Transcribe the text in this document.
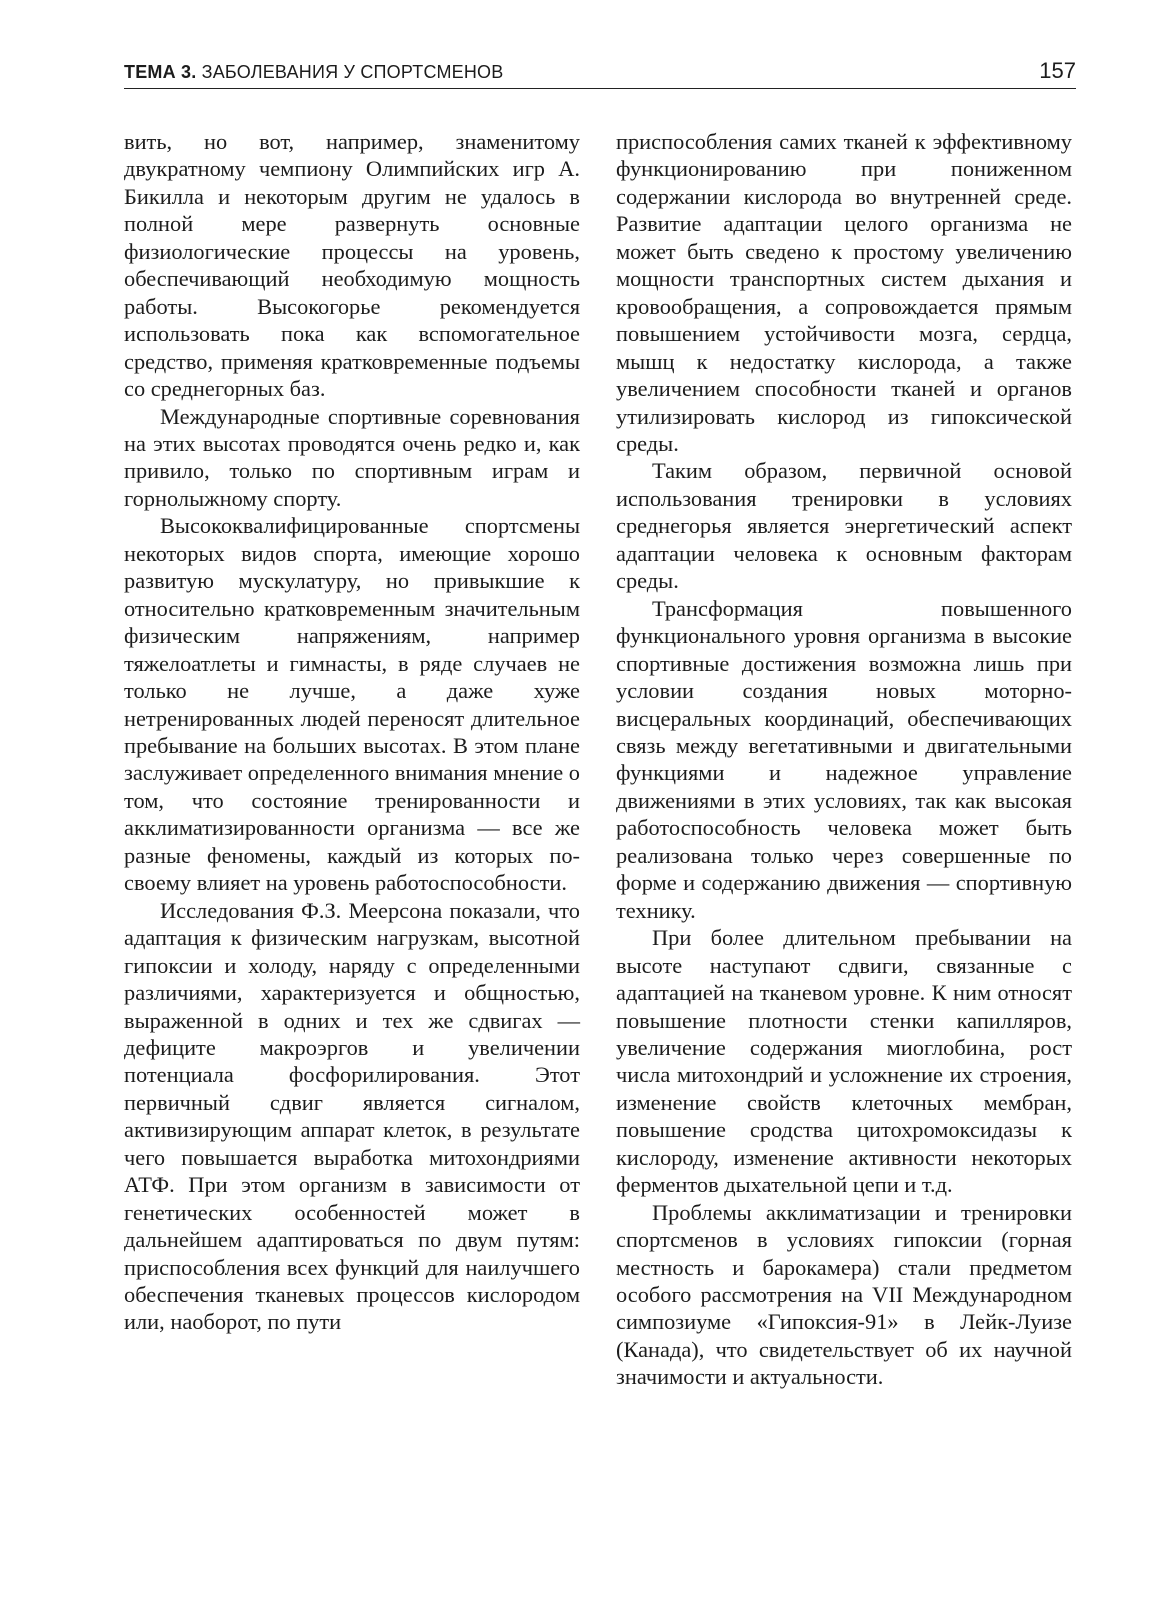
ТЕМА 3. ЗАБОЛЕВАНИЯ У СПОРТСМЕНОВ	157

вить, но вот, например, знаменитому двукратному чемпиону Олимпийских игр А. Бикилла и некоторым другим не удалось в полной мере развернуть основные физиологические процессы на уровень, обеспечивающий необходимую мощность работы. Высокогорье рекомендуется использовать пока как вспомогательное средство, применяя кратковременные подъемы со среднегорных баз.

Международные спортивные соревнования на этих высотах проводятся очень редко и, как привило, только по спортивным играм и горнолыжному спорту.

Высококвалифицированные спортсмены некоторых видов спорта, имеющие хорошо развитую мускулатуру, но привыкшие к относительно кратковременным значительным физическим напряжениям, например тяжелоатлеты и гимнасты, в ряде случаев не только не лучше, а даже хуже нетренированных людей переносят длительное пребывание на больших высотах. В этом плане заслуживает определенного внимания мнение о том, что состояние тренированности и акклиматизированности организма — все же разные феномены, каждый из которых по-своему влияет на уровень работоспособности.

Исследования Ф.З. Меерсона показали, что адаптация к физическим нагрузкам, высотной гипоксии и холоду, наряду с определенными различиями, характеризуется и общностью, выраженной в одних и тех же сдвигах — дефиците макроэргов и увеличении потенциала фосфорилирования. Этот первичный сдвиг является сигналом, активизирующим аппарат клеток, в результате чего повышается выработка митохондриями АТФ. При этом организм в зависимости от генетических особенностей может в дальнейшем адаптироваться по двум путям: приспособления всех функций для наилучшего обеспечения тканевых процессов кислородом или, наоборот, по пути

приспособления самих тканей к эффективному функционированию при пониженном содержании кислорода во внутренней среде. Развитие адаптации целого организма не может быть сведено к простому увеличению мощности транспортных систем дыхания и кровообращения, а сопровождается прямым повышением устойчивости мозга, сердца, мышц к недостатку кислорода, а также увеличением способности тканей и органов утилизировать кислород из гипоксической среды.

Таким образом, первичной основой использования тренировки в условиях среднегорья является энергетический аспект адаптации человека к основным факторам среды.

Трансформация повышенного функционального уровня организма в высокие спортивные достижения возможна лишь при условии создания новых моторно-висцеральных координаций, обеспечивающих связь между вегетативными и двигательными функциями и надежное управление движениями в этих условиях, так как высокая работоспособность человека может быть реализована только через совершенные по форме и содержанию движения — спортивную технику.

При более длительном пребывании на высоте наступают сдвиги, связанные с адаптацией на тканевом уровне. К ним относят повышение плотности стенки капилляров, увеличение содержания миоглобина, рост числа митохондрий и усложнение их строения, изменение свойств клеточных мембран, повышение сродства цитохромоксидазы к кислороду, изменение активности некоторых ферментов дыхательной цепи и т.д.

Проблемы акклиматизации и тренировки спортсменов в условиях гипоксии (горная местность и барокамера) стали предметом особого рассмотрения на VII Международном симпозиуме «Гипоксия-91» в Лейк-Луизе (Канада), что свидетельствует об их научной значимости и актуальности.
